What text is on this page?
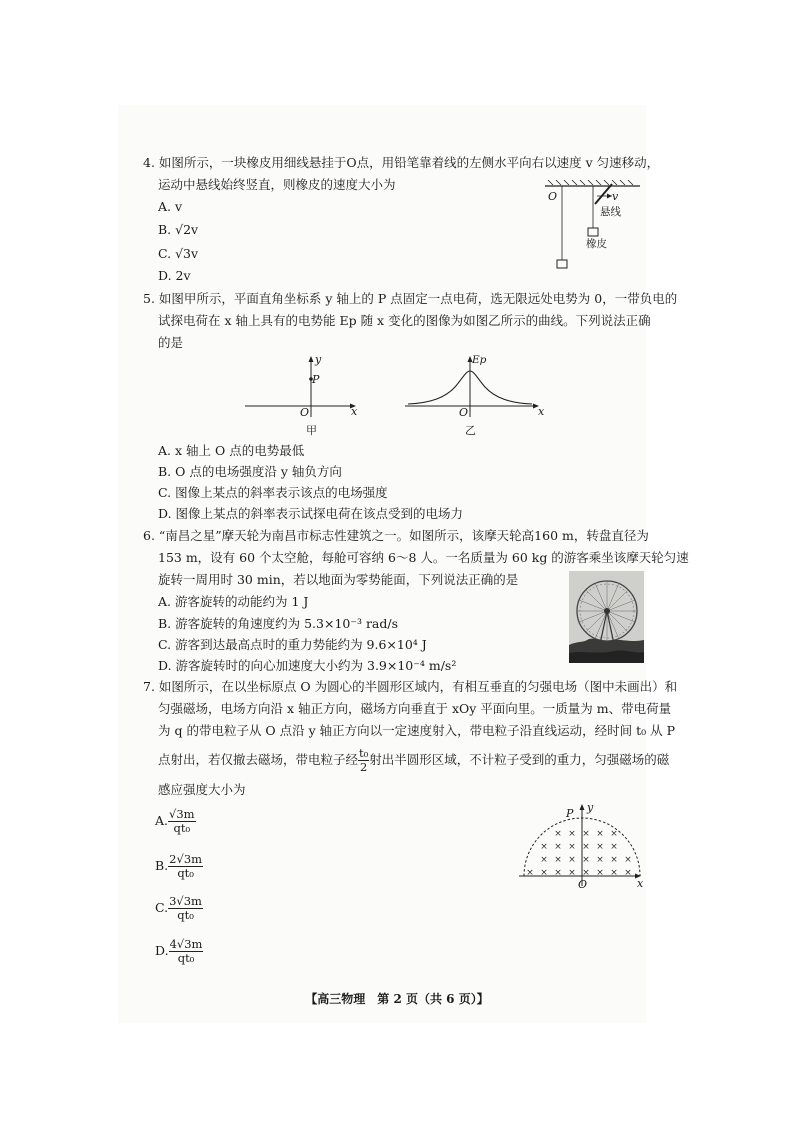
4. 如图所示，一块橡皮用细线悬挂于O点，用铅笔靠着线的左侧水平向右以速度 v 匀速移动，
运动中悬线始终竖直，则橡皮的速度大小为
A. v
B. √2v
C. √3v
D. 2v
O	v
悬线
橡皮
5. 如图甲所示，平面直角坐标系 y 轴上的 P 点固定一点电荷，选无限远处电势为 0，一带负电的
试探电荷在 x 轴上具有的电势能 Ep 随 x 变化的图像为如图乙所示的曲线。下列说法正确
的是
y
P
O	x
甲
Ep
O	x
乙
A. x 轴上 O 点的电势最低
B. O 点的电场强度沿 y 轴负方向
C. 图像上某点的斜率表示该点的电场强度
D. 图像上某点的斜率表示试探电荷在该点受到的电场力
6. “南昌之星”摩天轮为南昌市标志性建筑之一。如图所示，该摩天轮高160 m，转盘直径为
153 m，设有 60 个太空舱，每舱可容纳 6～8 人。一名质量为 60 kg 的游客乘坐该摩天轮匀速
旋转一周用时 30 min，若以地面为零势能面，下列说法正确的是
A. 游客旋转的动能约为 1 J
B. 游客旋转的角速度约为 5.3×10⁻³ rad/s
C. 游客到达最高点时的重力势能约为 9.6×10⁴ J
D. 游客旋转时的向心加速度大小约为 3.9×10⁻⁴ m/s²
7. 如图所示，在以坐标原点 O 为圆心的半圆形区域内，有相互垂直的匀强电场（图中未画出）和
匀强磁场，电场方向沿 x 轴正方向，磁场方向垂直于 xOy 平面向里。一质量为 m、带电荷量
为 q 的带电粒子从 O 点沿 y 轴正方向以一定速度射入，带电粒子沿直线运动，经时间 t₀ 从 P
点射出，若仅撤去磁场，带电粒子经 $\frac{\text{t₀}}{2}$ 射出半圆形区域，不计粒子受到的重力，匀强磁场的磁
感应强度大小为
A. $\frac{√3m}{\text{qt₀}}$
B. $\frac{2√3m}{\text{qt₀}}$
C. $\frac{3√3m}{\text{qt₀}}$
D. $\frac{4√3m}{\text{qt₀}}$
× × × × ×
× × × × × ×
× × × × × × ×
× × × × × × × ×
P y
O	x
【高三物理　第 2 页（共 6 页）】
